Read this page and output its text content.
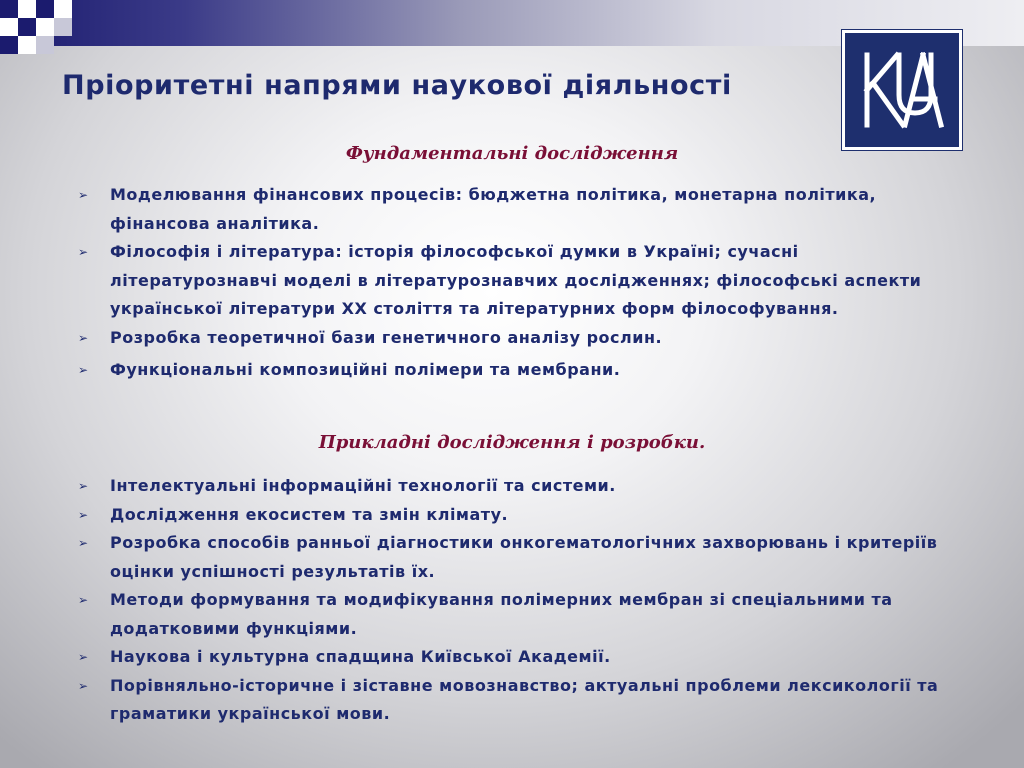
Пріоритетні напрями наукової діяльності
Фундаментальні дослідження
➢ Моделювання фінансових процесів: бюджетна політика, монетарна політика, фінансова аналітика.
➢ Філософія і література: історія філософської думки в Україні; сучасні літературознавчі моделі в літературознавчих дослідженнях; філософські аспекти української літератури XX століття та літературних форм філософування.
➢ Розробка теоретичної бази генетичного аналізу рослин.
➢ Функціональні композиційні полімери та мембрани.
Прикладні дослідження і розробки.
➢ Інтелектуальні інформаційні технології та системи.
➢ Дослідження екосистем та змін клімату.
➢ Розробка способів ранньої діагностики онкогематологічних захворювань і критеріїв оцінки успішності результатів їх.
➢ Методи формування та модифікування полімерних мембран зі спеціальними та додатковими функціями.
➢ Наукова і культурна спадщина Київської Академії.
➢ Порівняльно-історичне і зіставне мовознавство; актуальні проблеми лексикології та граматики української мови.
